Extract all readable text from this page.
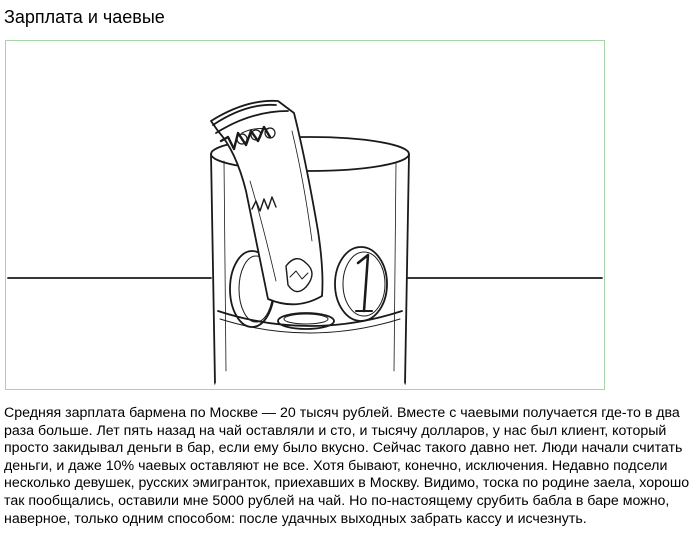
Зарплата и чаевые

Средняя зарплата бармена по Москве — 20 тысяч рублей. Вместе с чаевыми получается где-то в два раза больше. Лет пять назад на чай оставляли и сто, и тысячу долларов, у нас был клиент, который просто закидывал деньги в бар, если ему было вкусно. Сейчас такого давно нет. Люди начали считать деньги, и даже 10% чаевых оставляют не все. Хотя бывают, конечно, исключения. Недавно подсели несколько девушек, русских эмигранток, приехавших в Москву. Видимо, тоска по родине заела, хорошо так пообщались, оставили мне 5000 рублей на чай. Но по-настоящему срубить бабла в баре можно, наверное, только одним способом: после удачных выходных забрать кассу и исчезнуть.
